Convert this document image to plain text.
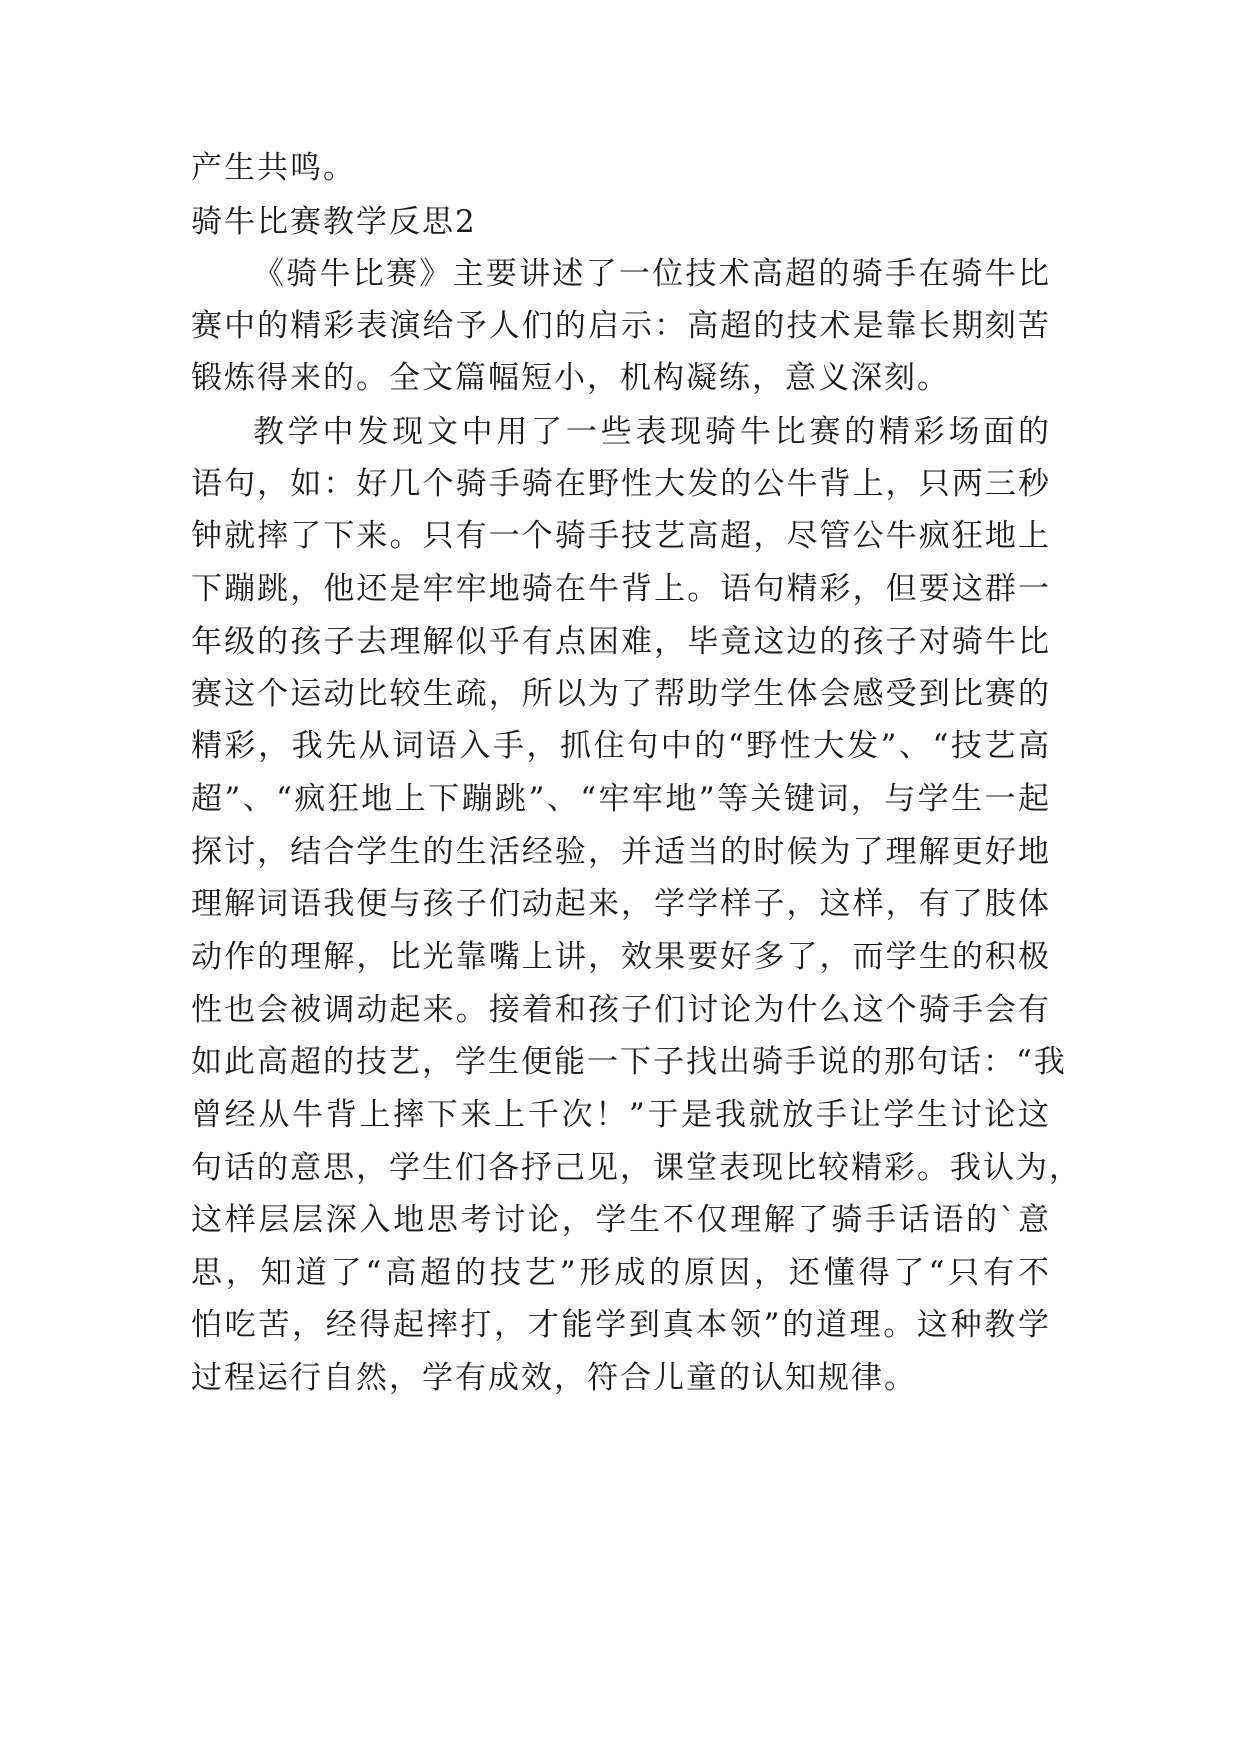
产生共鸣。
骑牛比赛教学反思2
《骑牛比赛》主要讲述了一位技术高超的骑手在骑牛比
赛中的精彩表演给予人们的启示：高超的技术是靠长期刻苦
锻炼得来的。全文篇幅短小，机构凝练，意义深刻。
教学中发现文中用了一些表现骑牛比赛的精彩场面的
语句，如：好几个骑手骑在野性大发的公牛背上，只两三秒
钟就摔了下来。只有一个骑手技艺高超，尽管公牛疯狂地上
下蹦跳，他还是牢牢地骑在牛背上。语句精彩，但要这群一
年级的孩子去理解似乎有点困难，毕竟这边的孩子对骑牛比
赛这个运动比较生疏，所以为了帮助学生体会感受到比赛的
精彩，我先从词语入手，抓住句中的“野性大发”、“技艺高
超”、“疯狂地上下蹦跳”、“牢牢地”等关键词，与学生一起
探讨，结合学生的生活经验，并适当的时候为了理解更好地
理解词语我便与孩子们动起来，学学样子，这样，有了肢体
动作的理解，比光靠嘴上讲，效果要好多了，而学生的积极
性也会被调动起来。接着和孩子们讨论为什么这个骑手会有
如此高超的技艺，学生便能一下子找出骑手说的那句话：“我
曾经从牛背上摔下来上千次！”于是我就放手让学生讨论这
句话的意思，学生们各抒己见，课堂表现比较精彩。我认为，
这样层层深入地思考讨论，学生不仅理解了骑手话语的`意
思，知道了“高超的技艺”形成的原因，还懂得了“只有不
怕吃苦，经得起摔打，才能学到真本领”的道理。这种教学
过程运行自然，学有成效，符合儿童的认知规律。
